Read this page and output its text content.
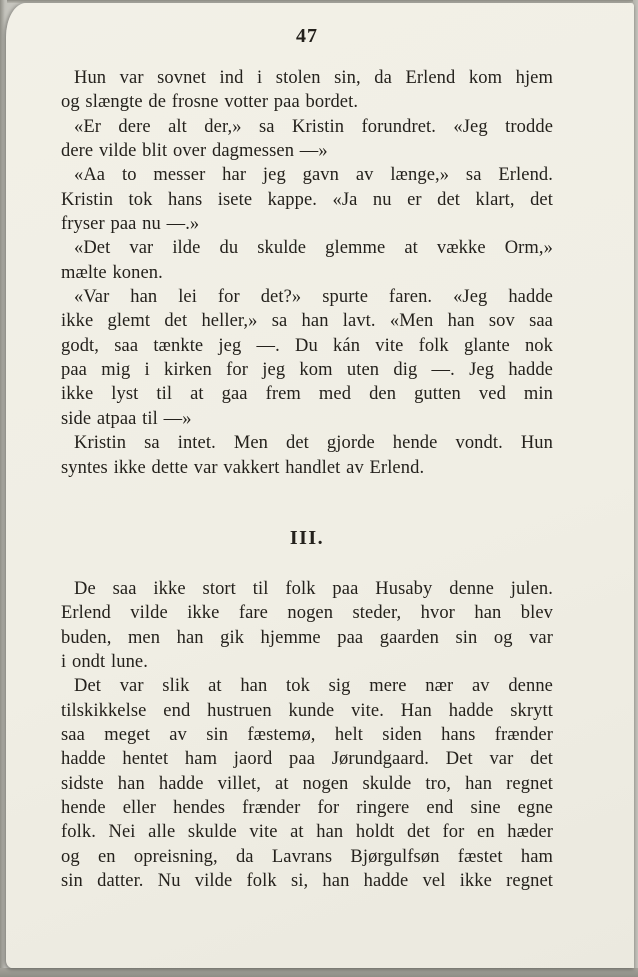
47
Hun var sovnet ind i stolen sin, da Erlend kom hjem
og slængte de frosne votter paa bordet.
«Er dere alt der,» sa Kristin forundret. «Jeg trodde
dere vilde blit over dagmessen —»
«Aa to messer har jeg gavn av længe,» sa Erlend.
Kristin tok hans isete kappe. «Ja nu er det klart, det
fryser paa nu —.»
«Det var ilde du skulde glemme at vække Orm,»
mælte konen.
«Var han lei for det?» spurte faren. «Jeg hadde
ikke glemt det heller,» sa han lavt. «Men han sov saa
godt, saa tænkte jeg —. Du kán vite folk glante nok
paa mig i kirken for jeg kom uten dig —. Jeg hadde
ikke lyst til at gaa frem med den gutten ved min
side atpaa til —»
Kristin sa intet. Men det gjorde hende vondt. Hun
syntes ikke dette var vakkert handlet av Erlend.
III.
De saa ikke stort til folk paa Husaby denne julen.
Erlend vilde ikke fare nogen steder, hvor han blev
buden, men han gik hjemme paa gaarden sin og var
i ondt lune.
Det var slik at han tok sig mere nær av denne
tilskikkelse end hustruen kunde vite. Han hadde skrytt
saa meget av sin fæstemø, helt siden hans frænder
hadde hentet ham jaord paa Jørundgaard. Det var det
sidste han hadde villet, at nogen skulde tro, han regnet
hende eller hendes frænder for ringere end sine egne
folk. Nei alle skulde vite at han holdt det for en hæder
og en opreisning, da Lavrans Bjørgulfsøn fæstet ham
sin datter. Nu vilde folk si, han hadde vel ikke regnet
